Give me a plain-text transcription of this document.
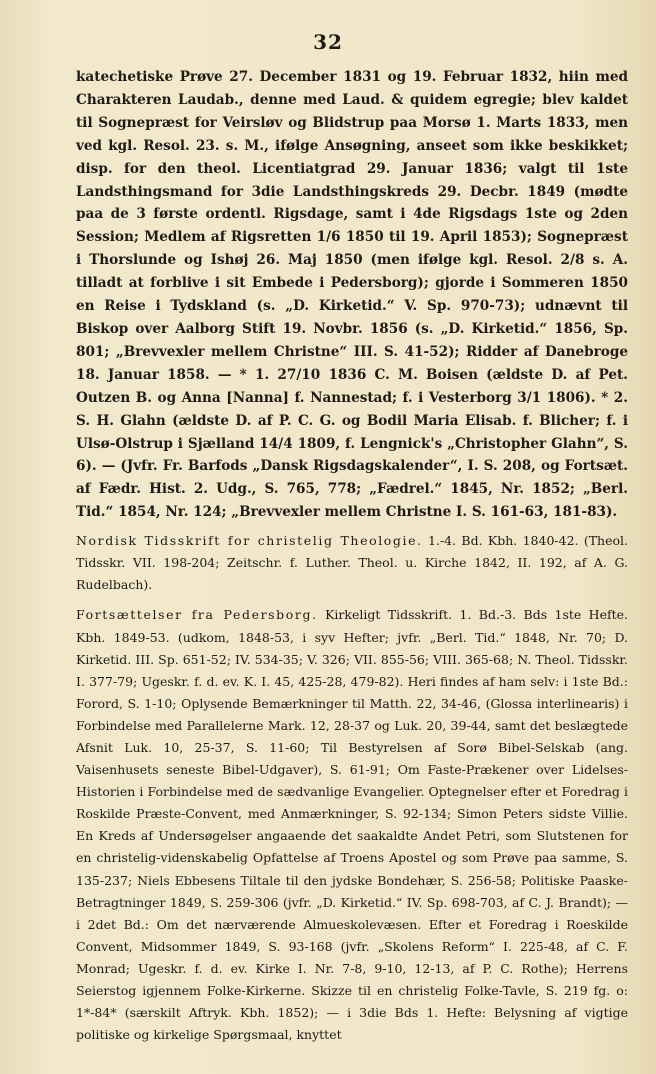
32

katechetiske Prøve 27. December 1831 og 19. Februar 1832, hiin med Charakteren Laudab., denne med Laud. & quidem egregie; blev kaldet til Sognepræst for Veirsløv og Blidstrup paa Morsø 1. Marts 1833, men ved kgl. Resol. 23. s. M., ifølge Ansøgning, anseet som ikke beskikket; disp. for den theol. Licentiatgrad 29. Januar 1836; valgt til 1ste Landsthingsmand for 3die Landsthingskreds 29. Decbr. 1849 (mødte paa de 3 første ordentl. Rigsdage, samt i 4de Rigsdags 1ste og 2den Session; Medlem af Rigsretten 1/6 1850 til 19. April 1853); Sognepræst i Thorslunde og Ishøj 26. Maj 1850 (men ifølge kgl. Resol. 2/8 s. A. tilladt at forblive i sit Embede i Pedersborg); gjorde i Sommeren 1850 en Reise i Tydskland (s. „D. Kirketid.“ V. Sp. 970-73); udnævnt til Biskop over Aalborg Stift 19. Novbr. 1856 (s. „D. Kirketid.“ 1856, Sp. 801; „Brevvexler mellem Christne“ III. S. 41-52); Ridder af Danebroge 18. Januar 1858. — * 1. 27/10 1836 C. M. Boisen (ældste D. af Pet. Outzen B. og Anna [Nanna] f. Nannestad; f. i Vesterborg 3/1 1806). * 2. S. H. Glahn (ældste D. af P. C. G. og Bodil Maria Elisab. f. Blicher; f. i Ulsø-Olstrup i Sjælland 14/4 1809, f. Lengnick's „Christopher Glahn“, S. 6). — (Jvfr. Fr. Barfods „Dansk Rigsdagskalender“, I. S. 208, og Fortsæt. af Fædr. Hist. 2. Udg., S. 765, 778; „Fædrel.“ 1845, Nr. 1852; „Berl. Tid.“ 1854, Nr. 124; „Brevvexler mellem Christne I. S. 161-63, 181-83).

Nordisk Tidsskrift for christelig Theologie. 1.-4. Bd. Kbh. 1840-42. (Theol. Tidsskr. VII. 198-204; Zeitschr. f. Luther. Theol. u. Kirche 1842, II. 192, af A. G. Rudelbach).

Fortsættelser fra Pedersborg. Kirkeligt Tidsskrift. 1. Bd.-3. Bds 1ste Hefte. Kbh. 1849-53. (udkom, 1848-53, i syv Hefter; jvfr. „Berl. Tid.“ 1848, Nr. 70; D. Kirketid. III. Sp. 651-52; IV. 534-35; V. 326; VII. 855-56; VIII. 365-68; N. Theol. Tidsskr. I. 377-79; Ugeskr. f. d. ev. K. I. 45, 425-28, 479-82). Heri findes af ham selv: i 1ste Bd.: Forord, S. 1-10; Oplysende Bemærkninger til Matth. 22, 34-46, (Glossa interlinearis) i Forbindelse med Parallelerne Mark. 12, 28-37 og Luk. 20, 39-44, samt det beslægtede Afsnit Luk. 10, 25-37, S. 11-60; Til Bestyrelsen af Sorø Bibel-Selskab (ang. Vaisenhusets seneste Bibel-Udgaver), S. 61-91; Om Faste-Prækener over Lidelses-Historien i Forbindelse med de sædvanlige Evangelier. Optegnelser efter et Foredrag i Roskilde Præste-Convent, med Anmærkninger, S. 92-134; Simon Peters sidste Villie. En Kreds af Undersøgelser angaaende det saakaldte Andet Petri, som Slutstenen for en christelig-videnskabelig Opfattelse af Troens Apostel og som Prøve paa samme, S. 135-237; Niels Ebbesens Tiltale til den jydske Bondehær, S. 256-58; Politiske Paaske-Betragtninger 1849, S. 259-306 (jvfr. „D. Kirketid.“ IV. Sp. 698-703, af C. J. Brandt); — i 2det Bd.: Om det nærværende Almueskolevæsen. Efter et Foredrag i Roeskilde Convent, Midsommer 1849, S. 93-168 (jvfr. „Skolens Reform“ I. 225-48, af C. F. Monrad; Ugeskr. f. d. ev. Kirke I. Nr. 7-8, 9-10, 12-13, af P. C. Rothe); Herrens Seierstog igjennem Folke-Kirkerne. Skizze til en christelig Folke-Tavle, S. 219 fg. o: 1*-84* (særskilt Aftryk. Kbh. 1852); — i 3die Bds 1. Hefte: Belysning af vigtige politiske og kirkelige Spørgsmaal, knyttet
